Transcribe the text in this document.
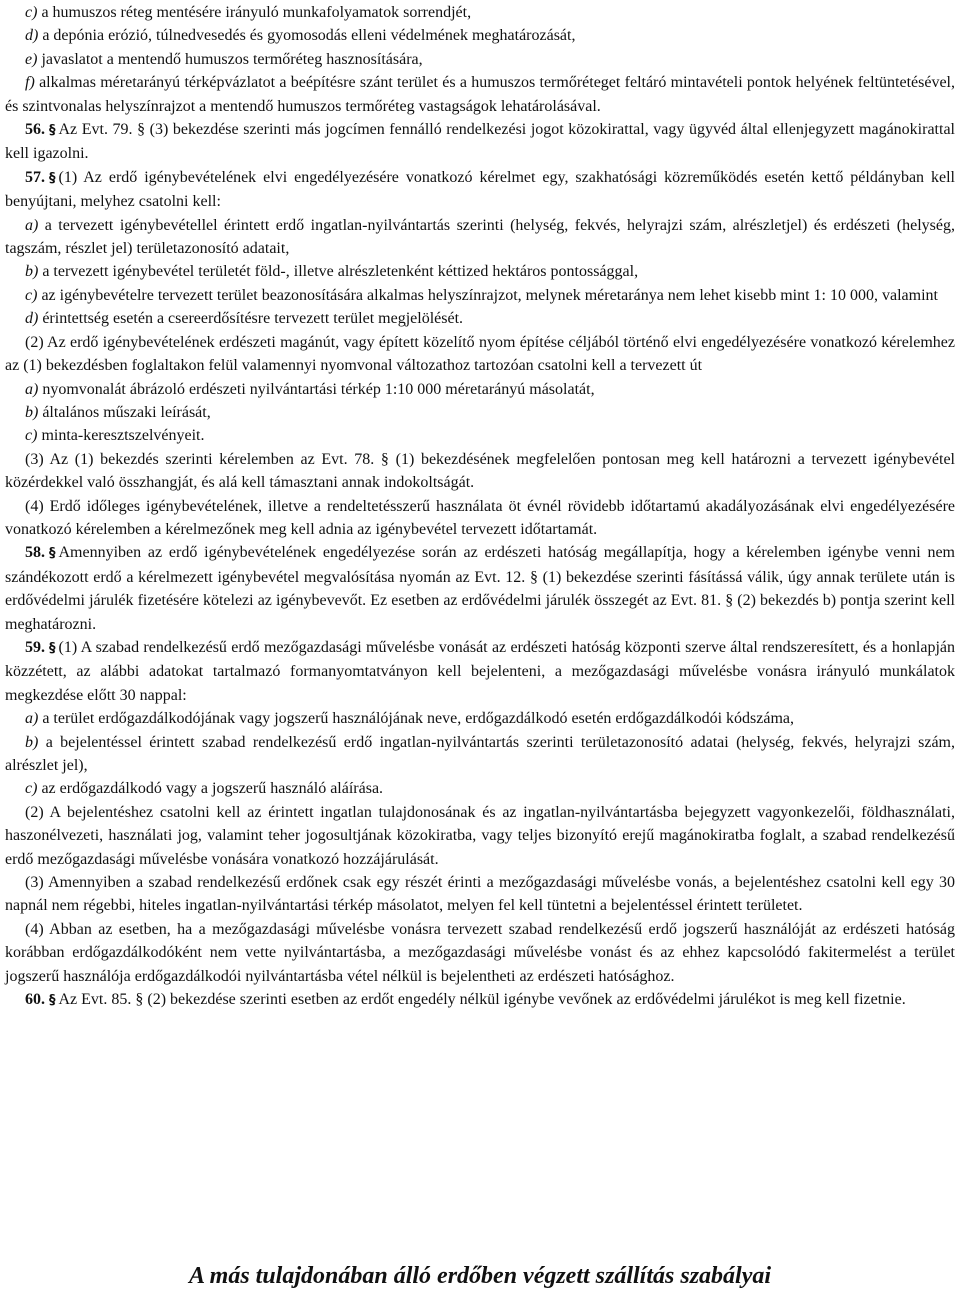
c) a humuszos réteg mentésére irányuló munkafolyamatok sorrendjét,

d) a depónia erózió, túlnedvesedés és gyomosodás elleni védelmének meghatározását,

e) javaslatot a mentendő humuszos termőréteg hasznosítására,

f) alkalmas méretarányú térképvázlatot a beépítésre szánt terület és a humuszos termőréteget feltáró mintavételi pontok helyének feltüntetésével, és szintvonalas helyszínrajzot a mentendő humuszos termőréteg vastagságok lehatárolásával.

56. § Az Evt. 79. § (3) bekezdése szerinti más jogcímen fennálló rendelkezési jogot közokirattal, vagy ügyvéd által ellenjegyzett magánokirattal kell igazolni.

57. § (1) Az erdő igénybevételének elvi engedélyezésére vonatkozó kérelmet egy, szakhatósági közreműködés esetén kettő példányban kell benyújtani, melyhez csatolni kell:

a) a tervezett igénybevétellel érintett erdő ingatlan-nyilvántartás szerinti (helység, fekvés, helyrajzi szám, alrészletjel) és erdészeti (helység, tagszám, részlet jel) területazonosító adatait,

b) a tervezett igénybevétel területét föld-, illetve alrészletenként kéttized hektáros pontossággal,

c) az igénybevételre tervezett terület beazonosítására alkalmas helyszínrajzot, melynek méretaránya nem lehet kisebb mint 1: 10 000, valamint

d) érintettség esetén a csereerdősítésre tervezett terület megjelölését.

(2) Az erdő igénybevételének erdészeti magánút, vagy épített közelítő nyom építése céljából történő elvi engedélyezésére vonatkozó kérelemhez az (1) bekezdésben foglaltakon felül valamennyi nyomvonal változathoz tartozóan csatolni kell a tervezett út

a) nyomvonalát ábrázoló erdészeti nyilvántartási térkép 1:10 000 méretarányú másolatát,

b) általános műszaki leírását,

c) minta-keresztszelvényeit.

(3) Az (1) bekezdés szerinti kérelemben az Evt. 78. § (1) bekezdésének megfelelően pontosan meg kell határozni a tervezett igénybevétel közérdekkel való összhangját, és alá kell támasztani annak indokoltságát.

(4) Erdő időleges igénybevételének, illetve a rendeltetésszerű használata öt évnél rövidebb időtartamú akadályozásának elvi engedélyezésére vonatkozó kérelemben a kérelmezőnek meg kell adnia az igénybevétel tervezett időtartamát.

58. § Amennyiben az erdő igénybevételének engedélyezése során az erdészeti hatóság megállapítja, hogy a kérelemben igénybe venni nem szándékozott erdő a kérelmezett igénybevétel megvalósítása nyomán az Evt. 12. § (1) bekezdése szerinti fásítássá válik, úgy annak területe után is erdővédelmi járulék fizetésére kötelezi az igénybevevőt. Ez esetben az erdővédelmi járulék összegét az Evt. 81. § (2) bekezdés b) pontja szerint kell meghatározni.

59. § (1) A szabad rendelkezésű erdő mezőgazdasági művelésbe vonását az erdészeti hatóság központi szerve által rendszeresített, és a honlapján közzétett, az alábbi adatokat tartalmazó formanyomtatványon kell bejelenteni, a mezőgazdasági művelésbe vonásra irányuló munkálatok megkezdése előtt 30 nappal:

a) a terület erdőgazdálkodójának vagy jogszerű használójának neve, erdőgazdálkodó esetén erdőgazdálkodói kódszáma,

b) a bejelentéssel érintett szabad rendelkezésű erdő ingatlan-nyilvántartás szerinti területazonosító adatai (helység, fekvés, helyrajzi szám, alrészlet jel),

c) az erdőgazdálkodó vagy a jogszerű használó aláírása.

(2) A bejelentéshez csatolni kell az érintett ingatlan tulajdonosának és az ingatlan-nyilvántartásba bejegyzett vagyonkezelői, földhasználati, haszonélvezeti, használati jog, valamint teher jogosultjának közokiratba, vagy teljes bizonyító erejű magánokiratba foglalt, a szabad rendelkezésű erdő mezőgazdasági művelésbe vonására vonatkozó hozzájárulását.

(3) Amennyiben a szabad rendelkezésű erdőnek csak egy részét érinti a mezőgazdasági művelésbe vonás, a bejelentéshez csatolni kell egy 30 napnál nem régebbi, hiteles ingatlan-nyilvántartási térkép másolatot, melyen fel kell tüntetni a bejelentéssel érintett területet.

(4) Abban az esetben, ha a mezőgazdasági művelésbe vonásra tervezett szabad rendelkezésű erdő jogszerű használóját az erdészeti hatóság korábban erdőgazdálkodóként nem vette nyilvántartásba, a mezőgazdasági művelésbe vonást és az ehhez kapcsolódó fakitermelést a terület jogszerű használója erdőgazdálkodói nyilvántartásba vétel nélkül is bejelentheti az erdészeti hatósághoz.

60. § Az Evt. 85. § (2) bekezdése szerinti esetben az erdőt engedély nélkül igénybe vevőnek az erdővédelmi járulékot is meg kell fizetnie.

A más tulajdonában álló erdőben végzett szállítás szabályai
